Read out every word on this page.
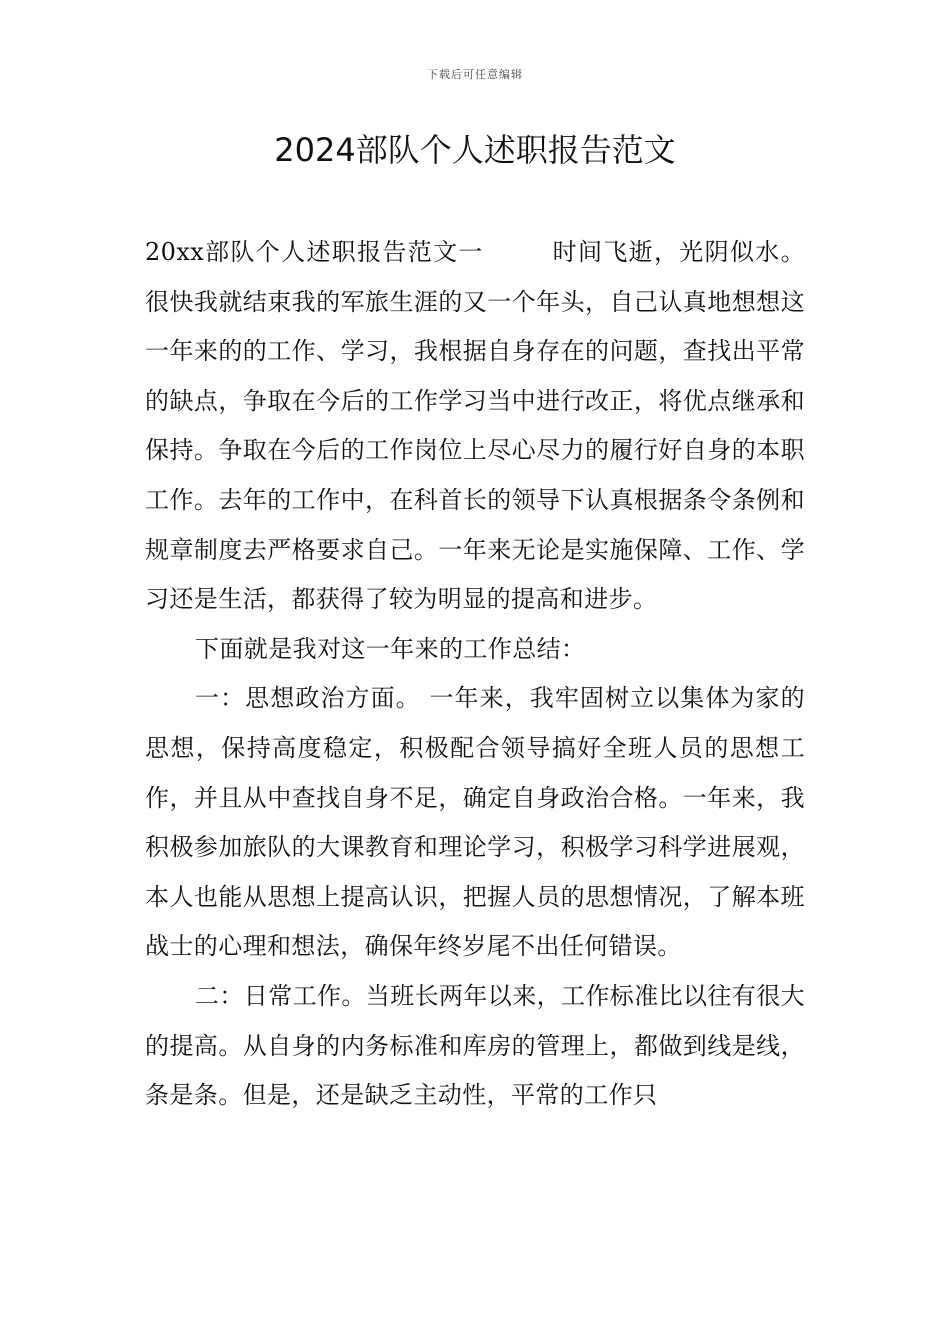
下载后可任意编辑
2024部队个人述职报告范文

20xx部队个人述职报告范文一	时间飞逝，光阴似水。很快我就结束我的军旅生涯的又一个年头，自己认真地想想这一年来的的工作、学习，我根据自身存在的问题，查找出平常的缺点，争取在今后的工作学习当中进行改正，将优点继承和保持。争取在今后的工作岗位上尽心尽力的履行好自身的本职工作。去年的工作中，在科首长的领导下认真根据条令条例和规章制度去严格要求自己。一年来无论是实施保障、工作、学习还是生活，都获得了较为明显的提高和进步。

下面就是我对这一年来的工作总结：

一：思想政治方面。 一年来，我牢固树立以集体为家的思想，保持高度稳定，积极配合领导搞好全班人员的思想工作，并且从中查找自身不足，确定自身政治合格。一年来，我积极参加旅队的大课教育和理论学习，积极学习科学进展观，本人也能从思想上提高认识，把握人员的思想情况，了解本班战士的心理和想法，确保年终岁尾不出任何错误。

二：日常工作。当班长两年以来，工作标准比以往有很大的提高。从自身的内务标准和库房的管理上，都做到线是线，条是条。但是，还是缺乏主动性，平常的工作只
